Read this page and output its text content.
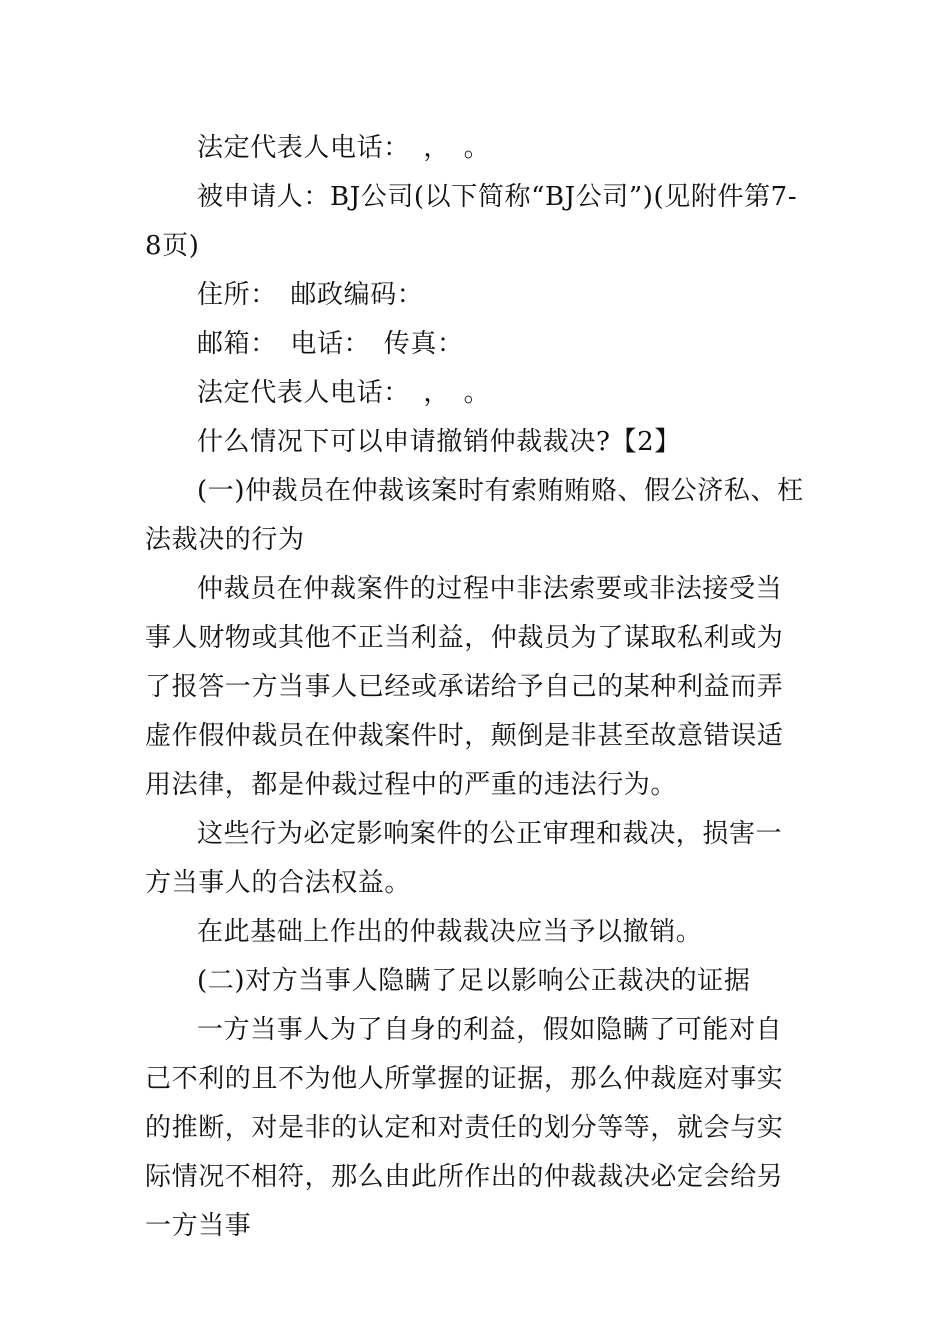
法定代表人电话：　，　。

被申请人：BJ公司(以下简称“BJ公司”)(见附件第7-8页)

住所：　邮政编码：

邮箱：　电话：　传真：

法定代表人电话：　，　。

什么情况下可以申请撤销仲裁裁决?【2】

(一)仲裁员在仲裁该案时有索贿贿赂、假公济私、枉法裁决的行为

仲裁员在仲裁案件的过程中非法索要或非法接受当事人财物或其他不正当利益，仲裁员为了谋取私利或为了报答一方当事人已经或承诺给予自己的某种利益而弄虚作假仲裁员在仲裁案件时，颠倒是非甚至故意错误适用法律，都是仲裁过程中的严重的违法行为。

这些行为必定影响案件的公正审理和裁决，损害一方当事人的合法权益。

在此基础上作出的仲裁裁决应当予以撤销。

(二)对方当事人隐瞒了足以影响公正裁决的证据

一方当事人为了自身的利益，假如隐瞒了可能对自己不利的且不为他人所掌握的证据，那么仲裁庭对事实的推断，对是非的认定和对责任的划分等等，就会与实际情况不相符，那么由此所作出的仲裁裁决必定会给另一方当事
